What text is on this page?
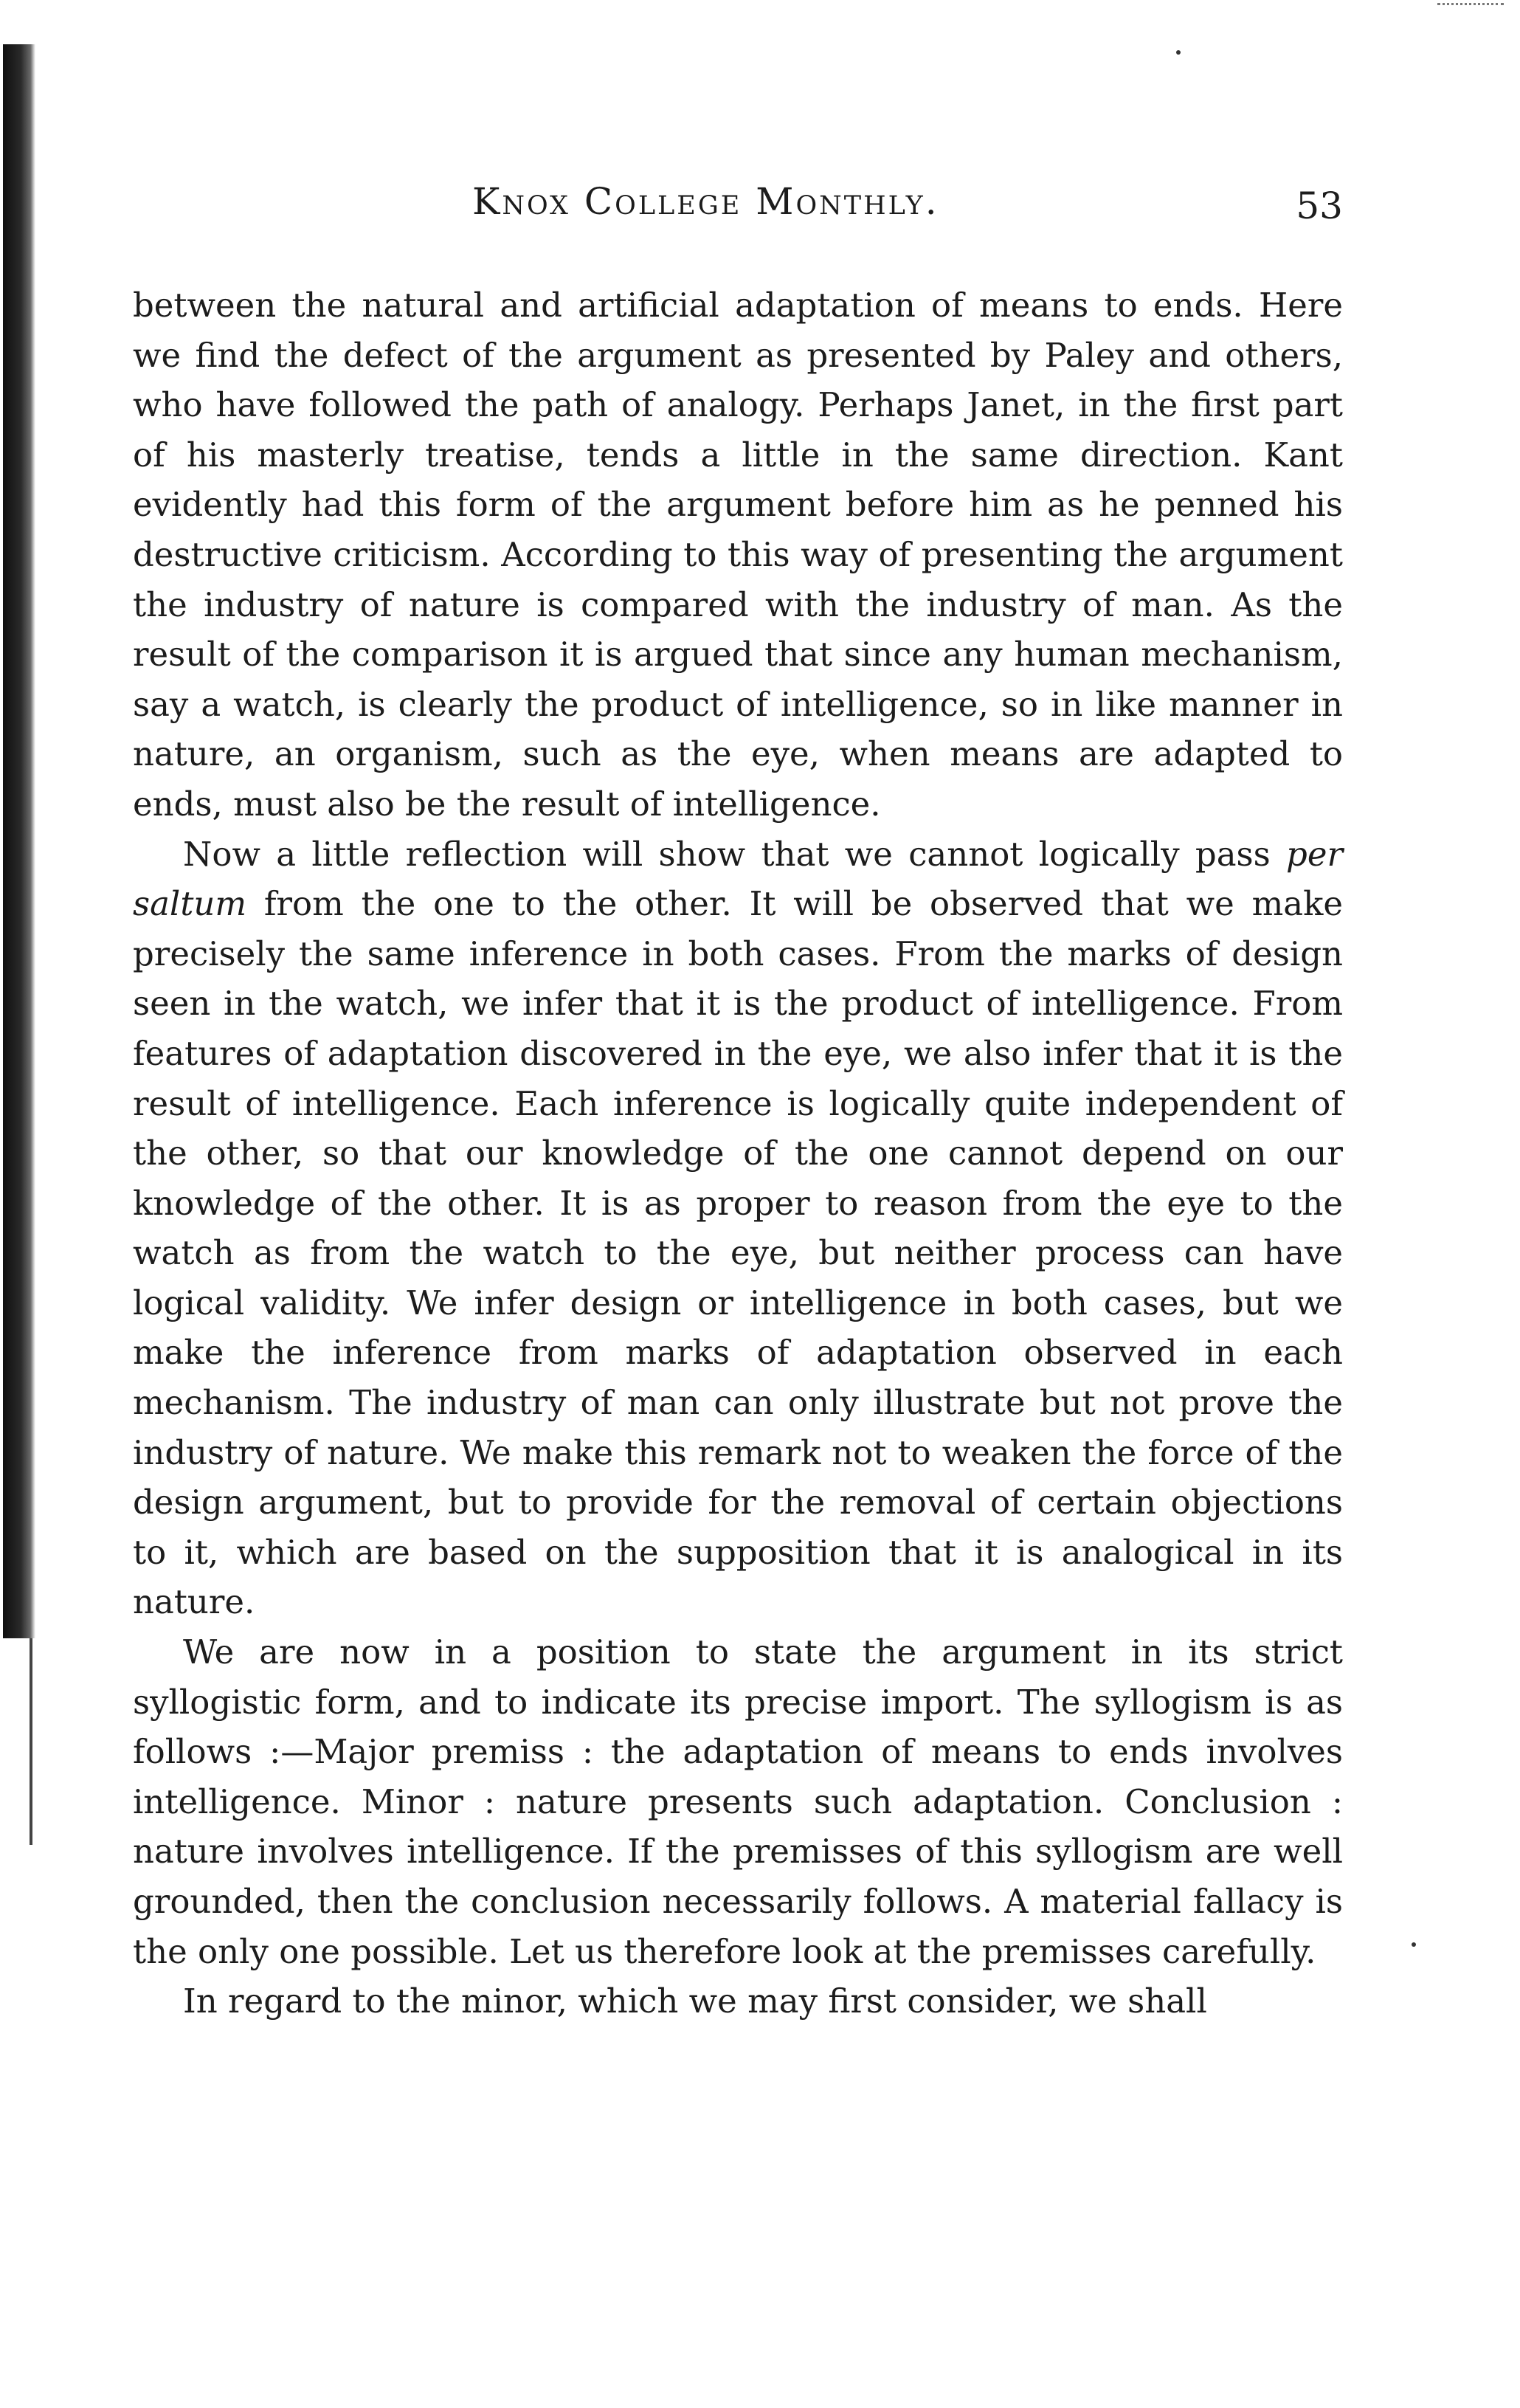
Knox College Monthly.	53

between the natural and artificial adaptation of means to ends. Here we find the defect of the argument as presented by Paley and others, who have followed the path of analogy. Perhaps Janet, in the first part of his masterly treatise, tends a little in the same direction. Kant evidently had this form of the argument before him as he penned his destructive criticism. According to this way of presenting the argument the industry of nature is compared with the industry of man. As the result of the comparison it is argued that since any human mechanism, say a watch, is clearly the product of intelligence, so in like manner in nature, an organism, such as the eye, when means are adapted to ends, must also be the result of intelligence.

Now a little reflection will show that we cannot logically pass per saltum from the one to the other. It will be observed that we make precisely the same inference in both cases. From the marks of design seen in the watch, we infer that it is the product of intelligence. From features of adaptation discovered in the eye, we also infer that it is the result of intelligence. Each inference is logically quite independent of the other, so that our knowledge of the one cannot depend on our knowledge of the other. It is as proper to reason from the eye to the watch as from the watch to the eye, but neither process can have logical validity. We infer design or intelligence in both cases, but we make the inference from marks of adaptation observed in each mechanism. The industry of man can only illustrate but not prove the industry of nature. We make this remark not to weaken the force of the design argument, but to provide for the removal of certain objections to it, which are based on the supposition that it is analogical in its nature.

We are now in a position to state the argument in its strict syllogistic form, and to indicate its precise import. The syllogism is as follows :—Major premiss : the adaptation of means to ends involves intelligence. Minor : nature presents such adaptation. Conclusion : nature involves intelligence. If the premisses of this syllogism are well grounded, then the conclusion necessarily follows. A material fallacy is the only one possible. Let us therefore look at the premisses carefully.

In regard to the minor, which we may first consider, we shall
